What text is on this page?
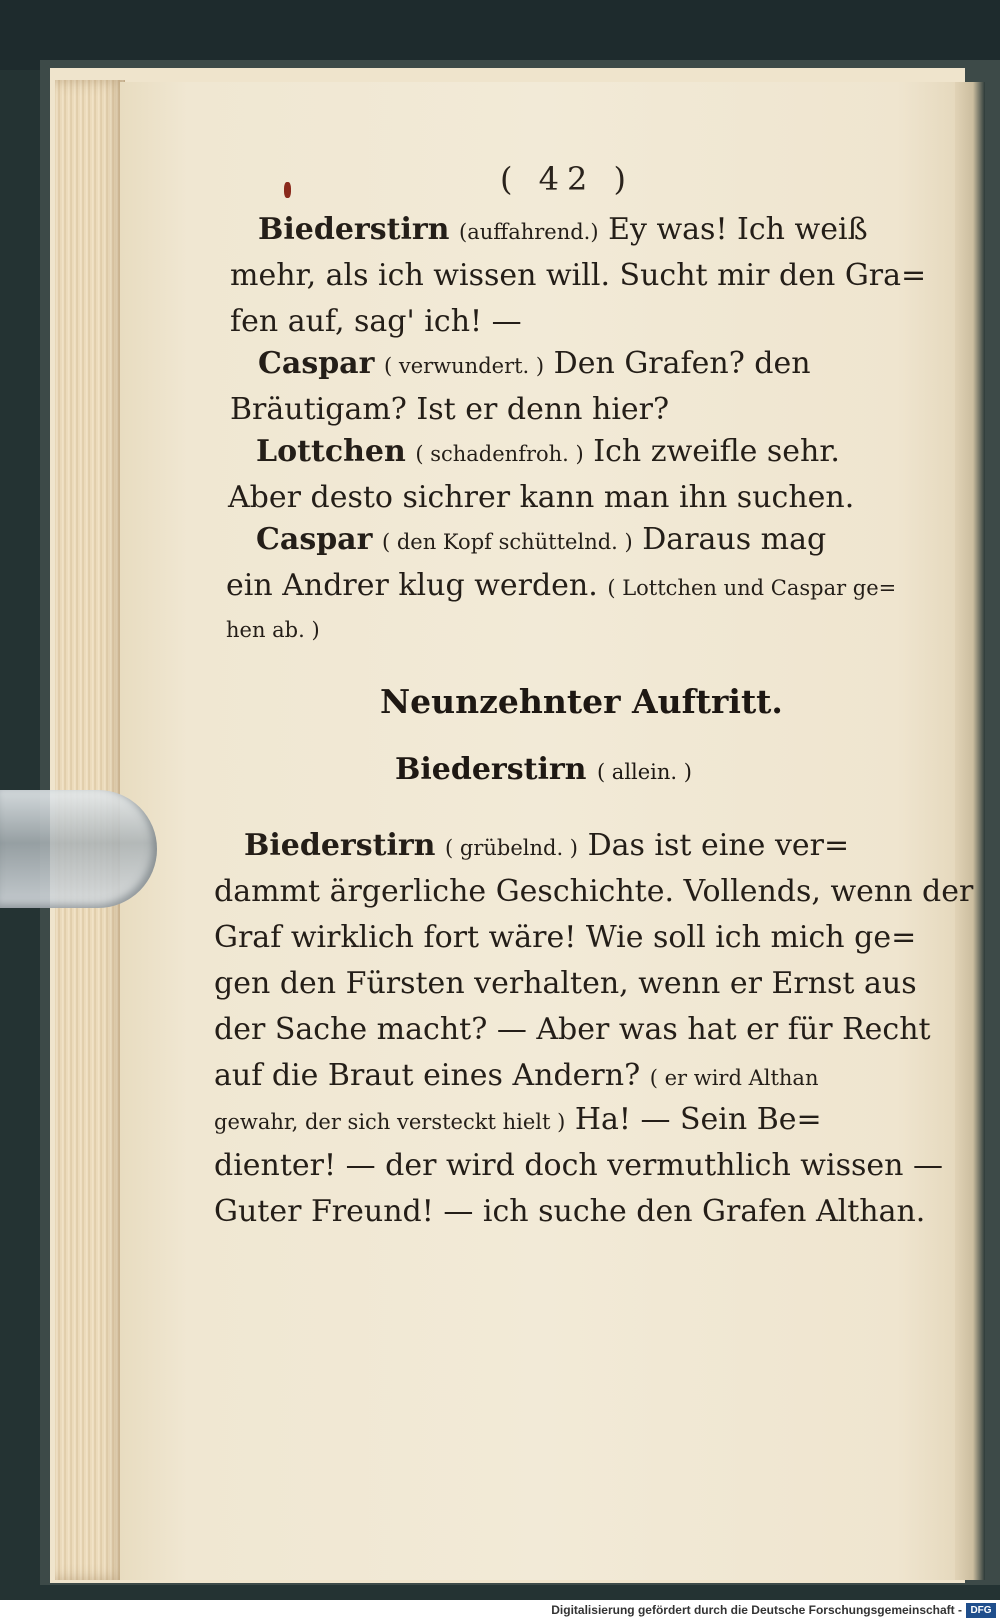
( 42 )
Biederstirn (auffahrend.) Ey was! Ich weiß
mehr, als ich wissen will. Sucht mir den Gra=
fen auf, sag' ich! —
Caspar ( verwundert. ) Den Grafen? den
Bräutigam? Ist er denn hier?
Lottchen ( schadenfroh. ) Ich zweifle sehr.
Aber desto sichrer kann man ihn suchen.
Caspar ( den Kopf schüttelnd. ) Daraus mag
ein Andrer klug werden. ( Lottchen und Caspar ge=
hen ab. )
Neunzehnter Auftritt.
Biederstirn ( allein. )
Biederstirn ( grübelnd. ) Das ist eine ver=
dammt ärgerliche Geschichte. Vollends, wenn der
Graf wirklich fort wäre! Wie soll ich mich ge=
gen den Fürsten verhalten, wenn er Ernst aus
der Sache macht? — Aber was hat er für Recht
auf die Braut eines Andern? ( er wird Althan
gewahr, der sich versteckt hielt ) Ha! — Sein Be=
dienter! — der wird doch vermuthlich wissen —
Guter Freund! — ich suche den Grafen Althan.
Digitalisierung gefördert durch die Deutsche Forschungsgemeinschaft - DFG
